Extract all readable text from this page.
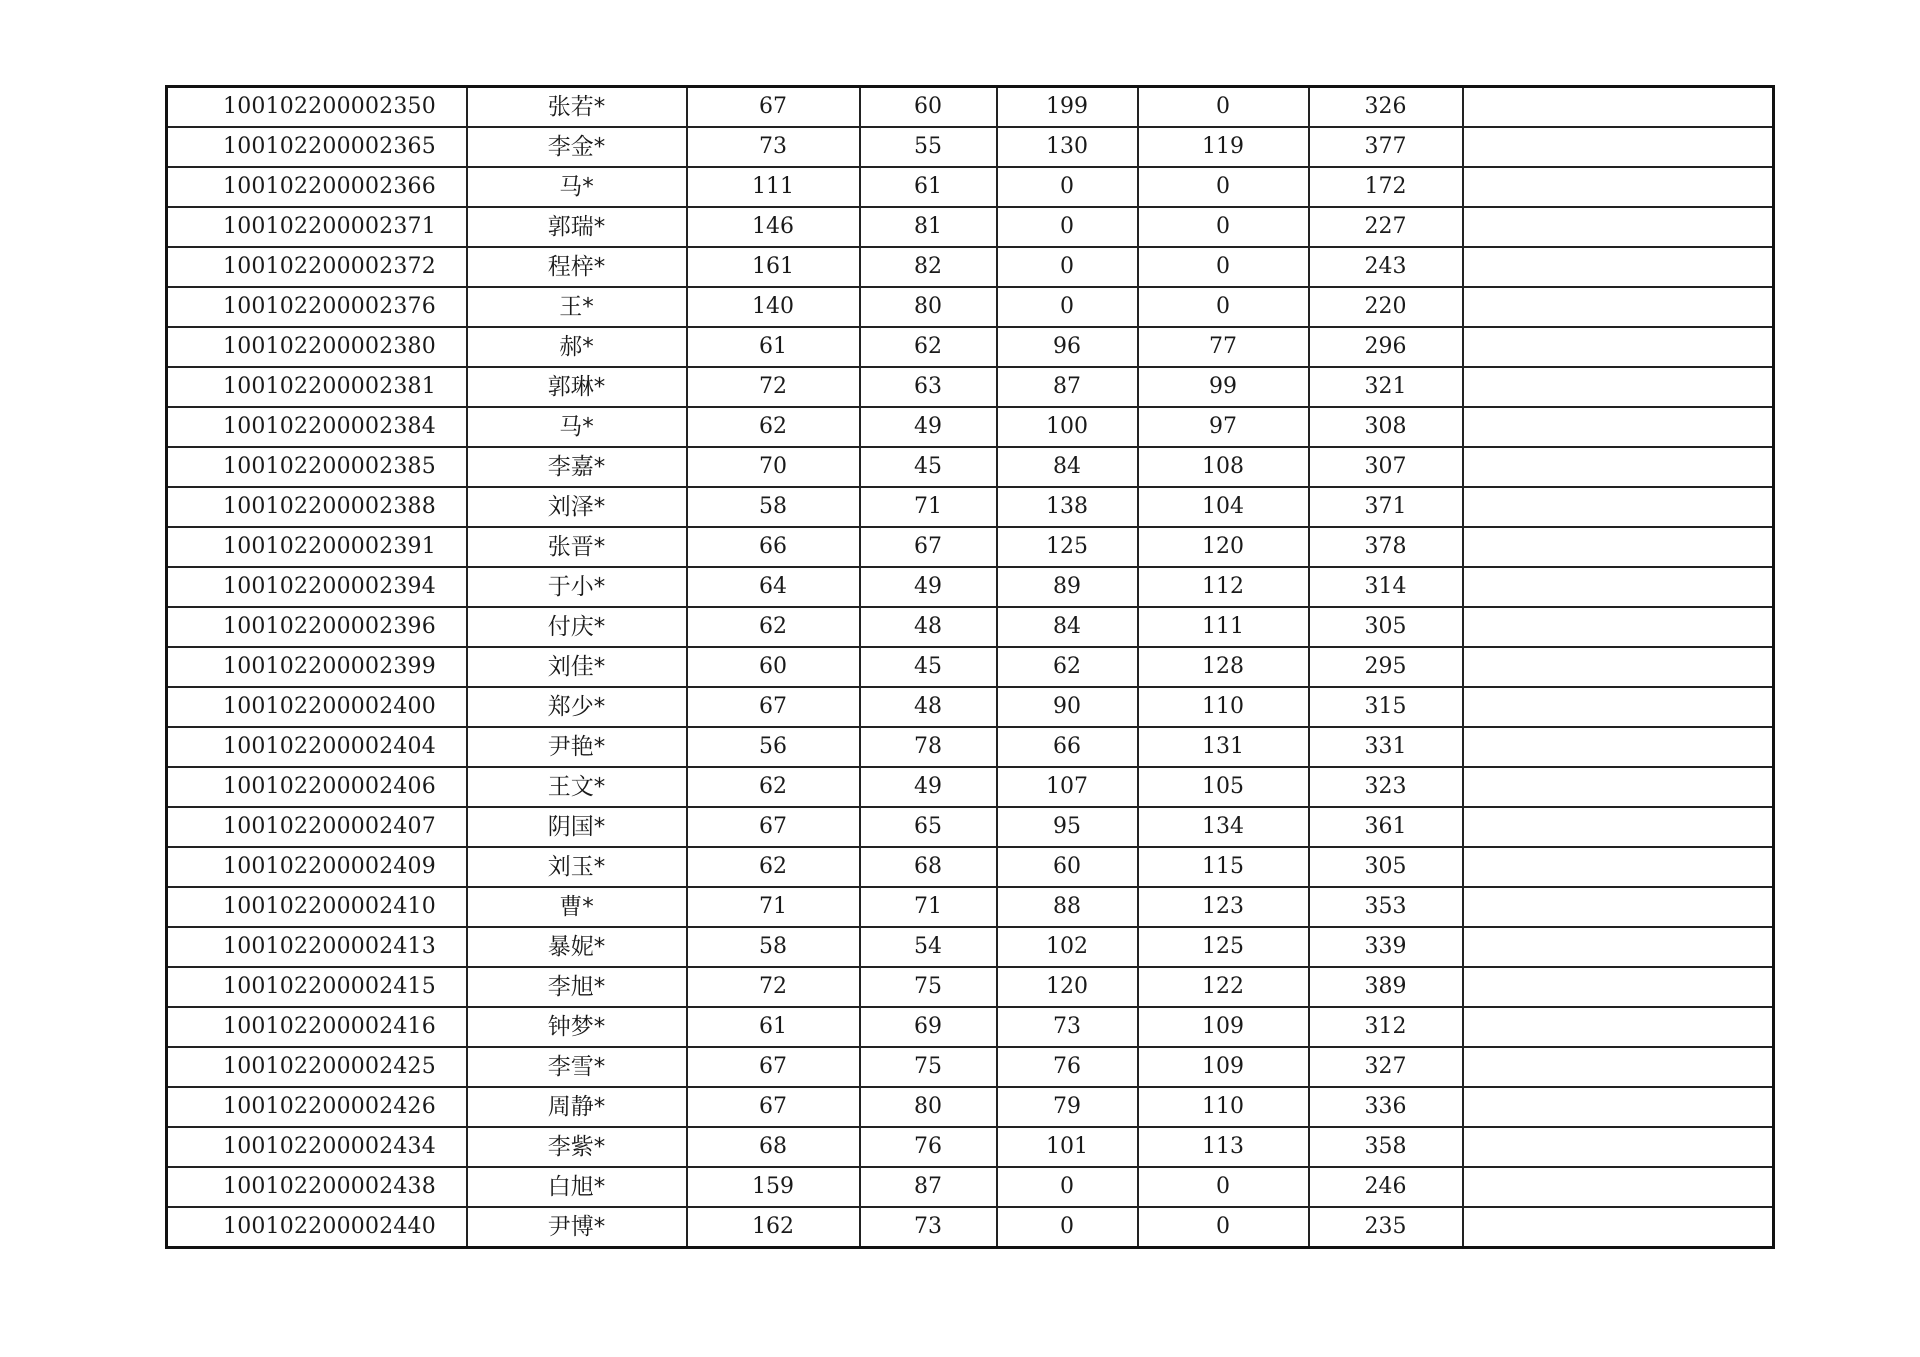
100102200002350	张若*	67	60	199	0	326	
100102200002365	李金*	73	55	130	119	377	
100102200002366	马*	111	61	0	0	172	
100102200002371	郭瑞*	146	81	0	0	227	
100102200002372	程梓*	161	82	0	0	243	
100102200002376	王*	140	80	0	0	220	
100102200002380	郝*	61	62	96	77	296	
100102200002381	郭琳*	72	63	87	99	321	
100102200002384	马*	62	49	100	97	308	
100102200002385	李嘉*	70	45	84	108	307	
100102200002388	刘泽*	58	71	138	104	371	
100102200002391	张晋*	66	67	125	120	378	
100102200002394	于小*	64	49	89	112	314	
100102200002396	付庆*	62	48	84	111	305	
100102200002399	刘佳*	60	45	62	128	295	
100102200002400	郑少*	67	48	90	110	315	
100102200002404	尹艳*	56	78	66	131	331	
100102200002406	王文*	62	49	107	105	323	
100102200002407	阴国*	67	65	95	134	361	
100102200002409	刘玉*	62	68	60	115	305	
100102200002410	曹*	71	71	88	123	353	
100102200002413	暴妮*	58	54	102	125	339	
100102200002415	李旭*	72	75	120	122	389	
100102200002416	钟梦*	61	69	73	109	312	
100102200002425	李雪*	67	75	76	109	327	
100102200002426	周静*	67	80	79	110	336	
100102200002434	李紫*	68	76	101	113	358	
100102200002438	白旭*	159	87	0	0	246	
100102200002440	尹博*	162	73	0	0	235	
